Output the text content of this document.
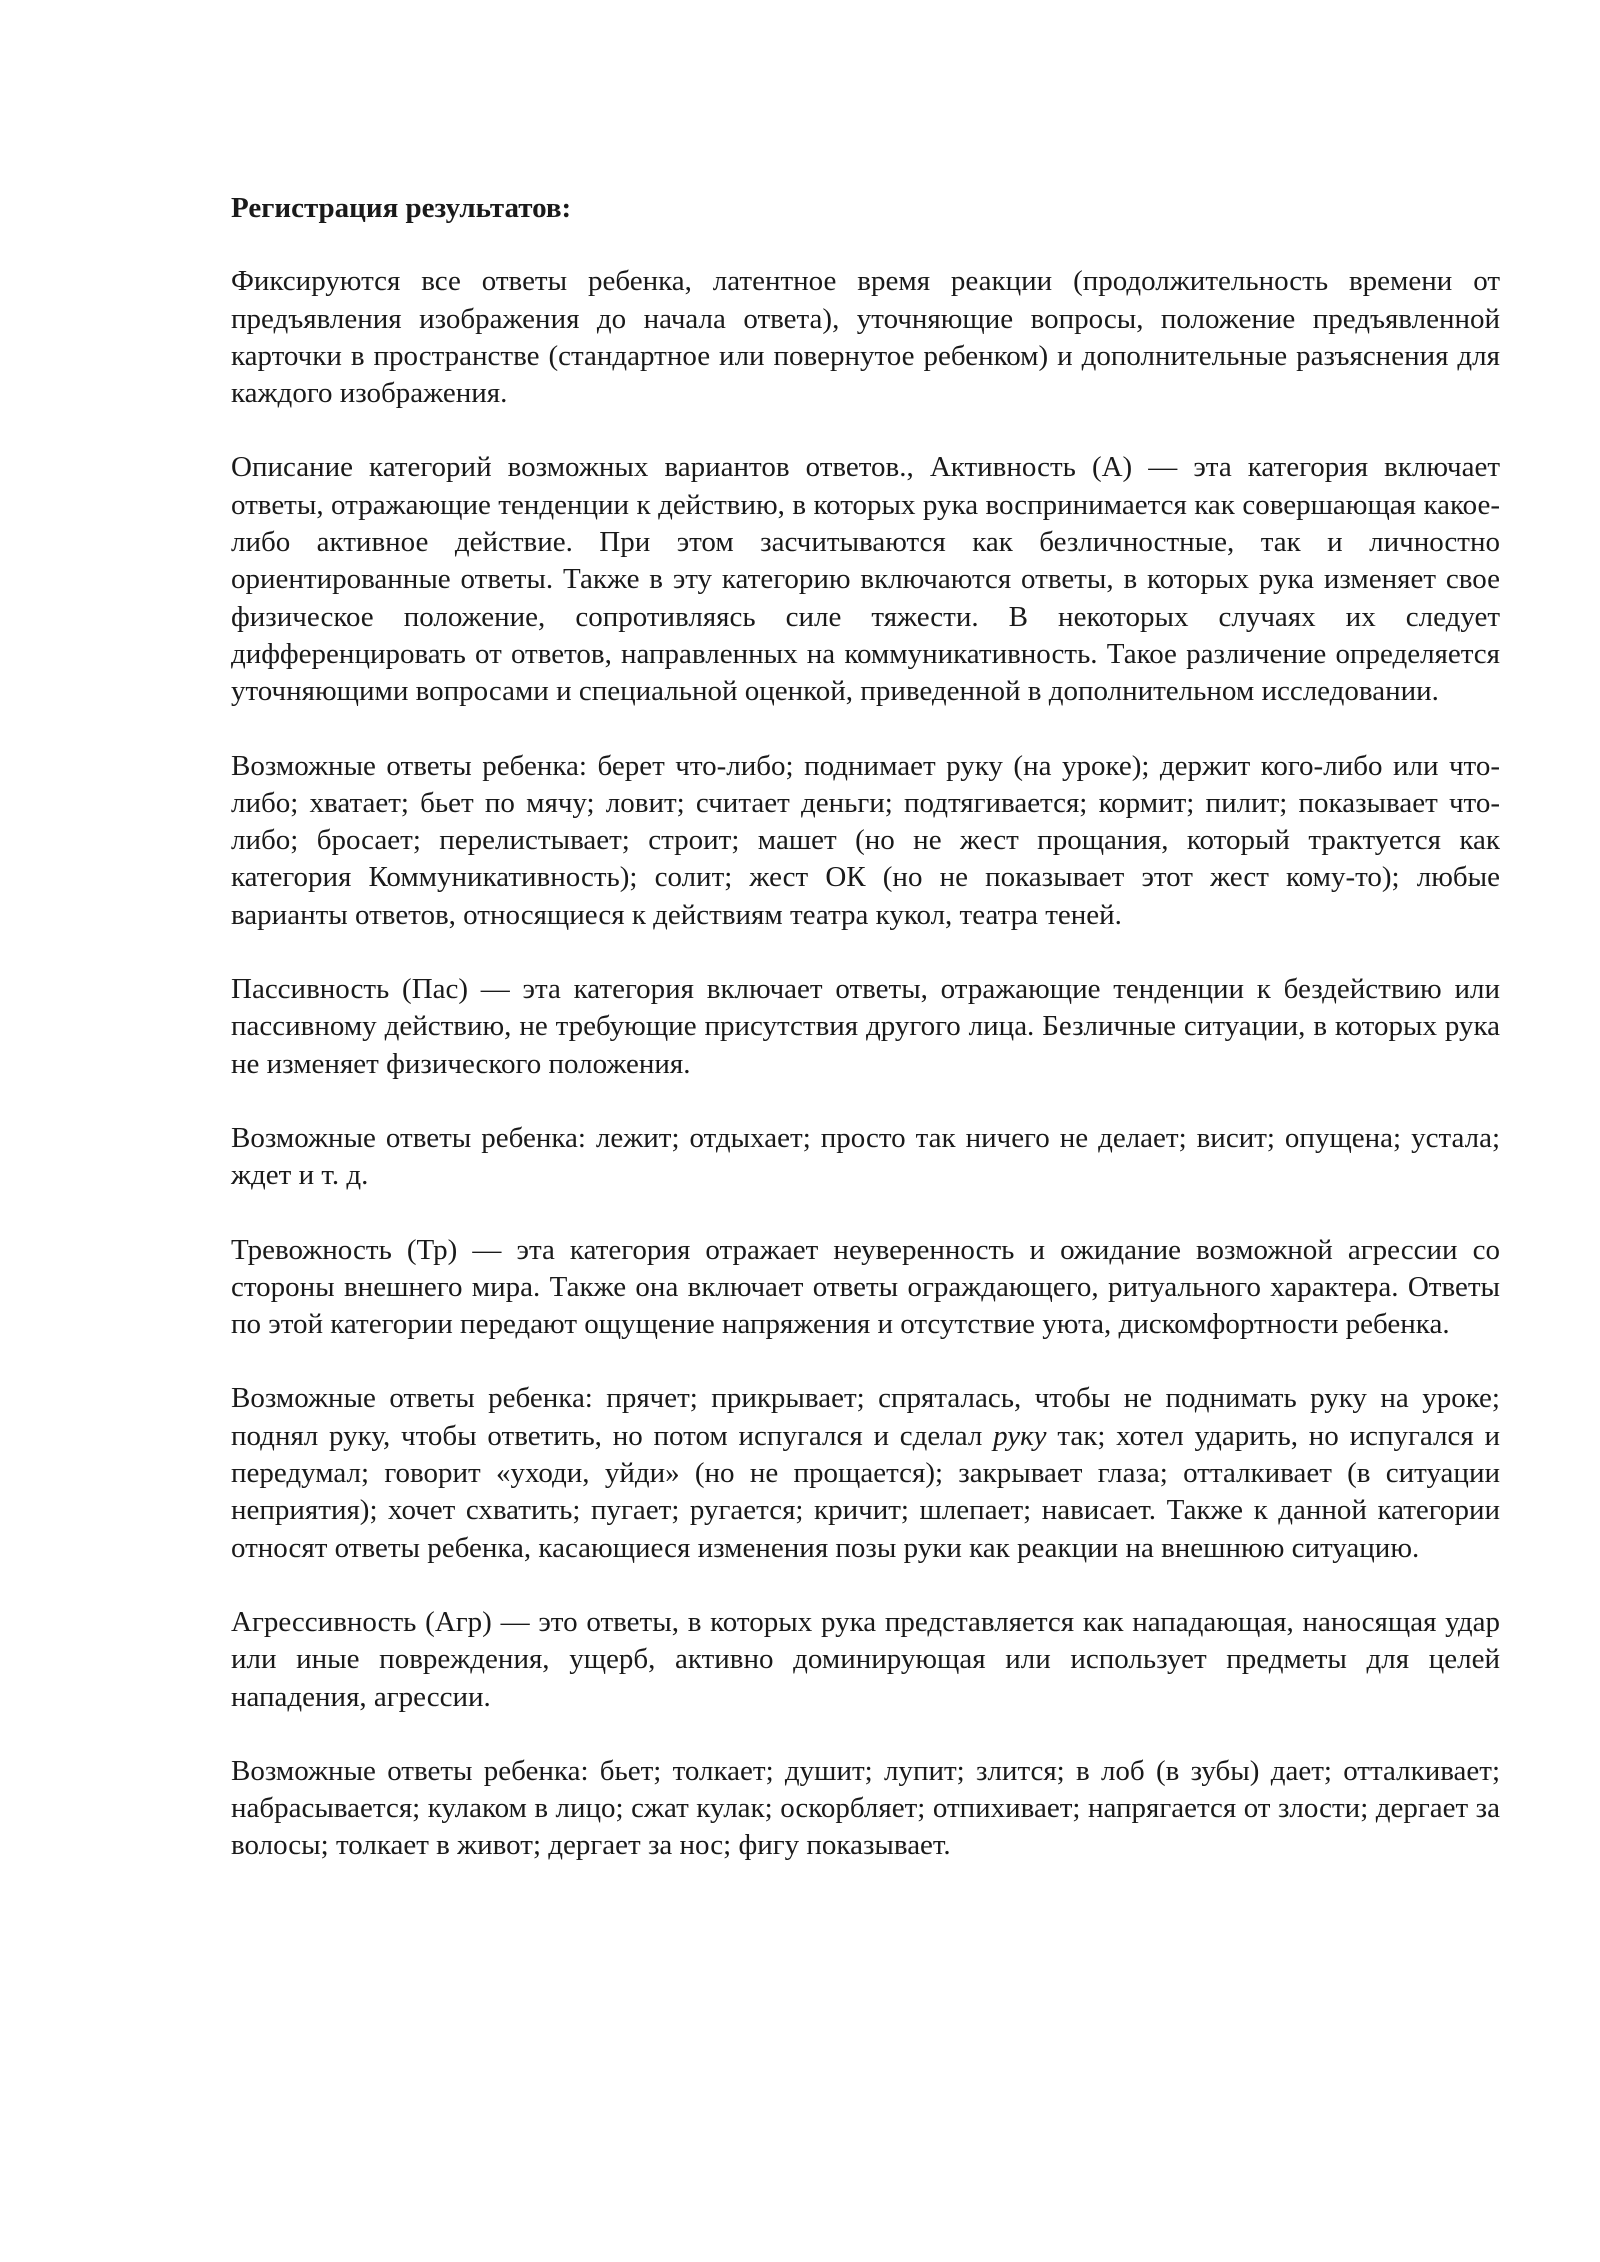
Регистрация результатов:

Фиксируются все ответы ребенка, латентное время реакции (продолжительность времени от предъявления изображения до начала ответа), уточняющие вопросы, положение предъявленной карточки в пространстве (стандартное или повернутое ребенком) и дополнительные разъяснения для каждого изображения.

Описание категорий возможных вариантов ответов., Активность (А) — эта категория включает ответы, отражающие тенденции к действию, в которых рука воспринимается как совершающая какое-либо активное действие. При этом засчитываются как безличностные, так и личностно ориентированные ответы. Также в эту категорию включаются ответы, в которых рука изменяет свое физическое положение, сопротивляясь силе тяжести. В некоторых случаях их следует дифференцировать от ответов, направленных на коммуникативность. Такое различение определяется уточняющими вопросами и специальной оценкой, приведенной в дополнительном исследовании.

Возможные ответы ребенка: берет что-либо; поднимает руку (на уроке); держит кого-либо или что-либо; хватает; бьет по мячу; ловит; считает деньги; подтягивается; кормит; пилит; показывает что-либо; бросает; перелистывает; строит; машет (но не жест прощания, который трактуется как категория Коммуникативность); солит; жест ОК (но не показывает этот жест кому-то); любые варианты ответов, относящиеся к действиям театра кукол, театра теней.

Пассивность (Пас) — эта категория включает ответы, отражающие тенденции к бездействию или пассивному действию, не требующие присутствия другого лица. Безличные ситуации, в которых рука не изменяет физического положения.

Возможные ответы ребенка: лежит; отдыхает; просто так ничего не делает; висит; опущена; устала; ждет и т. д.

Тревожность (Тр) — эта категория отражает неуверенность и ожидание возможной агрессии со стороны внешнего мира. Также она включает ответы ограждающего, ритуального характера. Ответы по этой категории передают ощущение напряжения и отсутствие уюта, дискомфортности ребенка.

Возможные ответы ребенка: прячет; прикрывает; спряталась, чтобы не поднимать руку на уроке; поднял руку, чтобы ответить, но потом испугался и сделал руку так; хотел ударить, но испугался и передумал; говорит «уходи, уйди» (но не прощается); закрывает глаза; отталкивает (в ситуации неприятия); хочет схватить; пугает; ругается; кричит; шлепает; нависает. Также к данной категории относят ответы ребенка, касающиеся изменения позы руки как реакции на внешнюю ситуацию.

Агрессивность (Агр) — это ответы, в которых рука представляется как нападающая, наносящая удар или иные повреждения, ущерб, активно доминирующая или использует предметы для целей нападения, агрессии.

Возможные ответы ребенка: бьет; толкает; душит; лупит; злится; в лоб (в зубы) дает; отталкивает; набрасывается; кулаком в лицо; сжат кулак; оскорбляет; отпихивает; напрягается от злости; дергает за волосы; толкает в живот; дергает за нос; фигу показывает.
